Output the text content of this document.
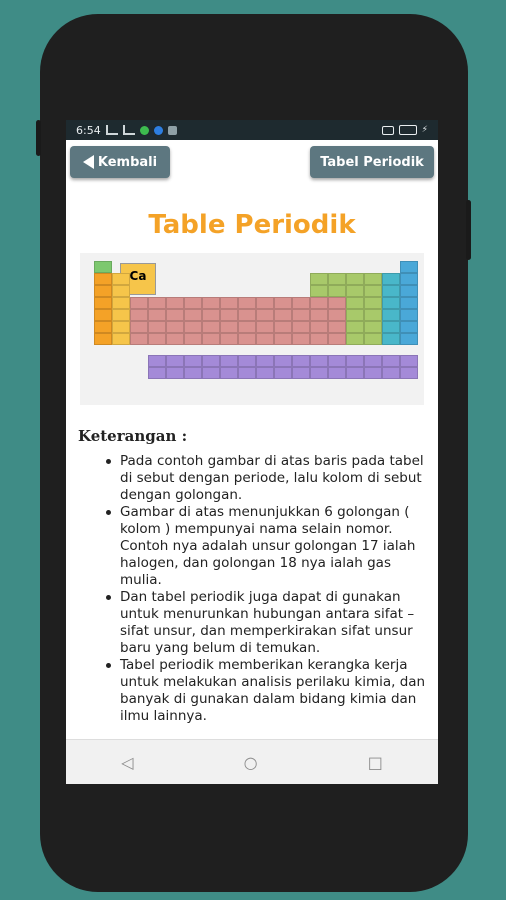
6:54	⚡
Kembali	Tabel Periodik
Table Periodik
Ca
Keterangan :
Pada contoh gambar di atas baris pada tabel di sebut dengan periode, lalu kolom di sebut dengan golongan.
Gambar di atas menunjukkan 6 golongan ( kolom ) mempunyai nama selain nomor. Contoh nya adalah unsur golongan 17 ialah halogen, dan golongan 18 nya ialah gas mulia.
Dan tabel periodik juga dapat di gunakan untuk menurunkan hubungan antara sifat – sifat unsur, dan memperkirakan sifat unsur baru yang belum di temukan.
Tabel periodik memberikan kerangka kerja untuk melakukan analisis perilaku kimia, dan banyak di gunakan dalam bidang kimia dan ilmu lainnya.
◁	○	□
